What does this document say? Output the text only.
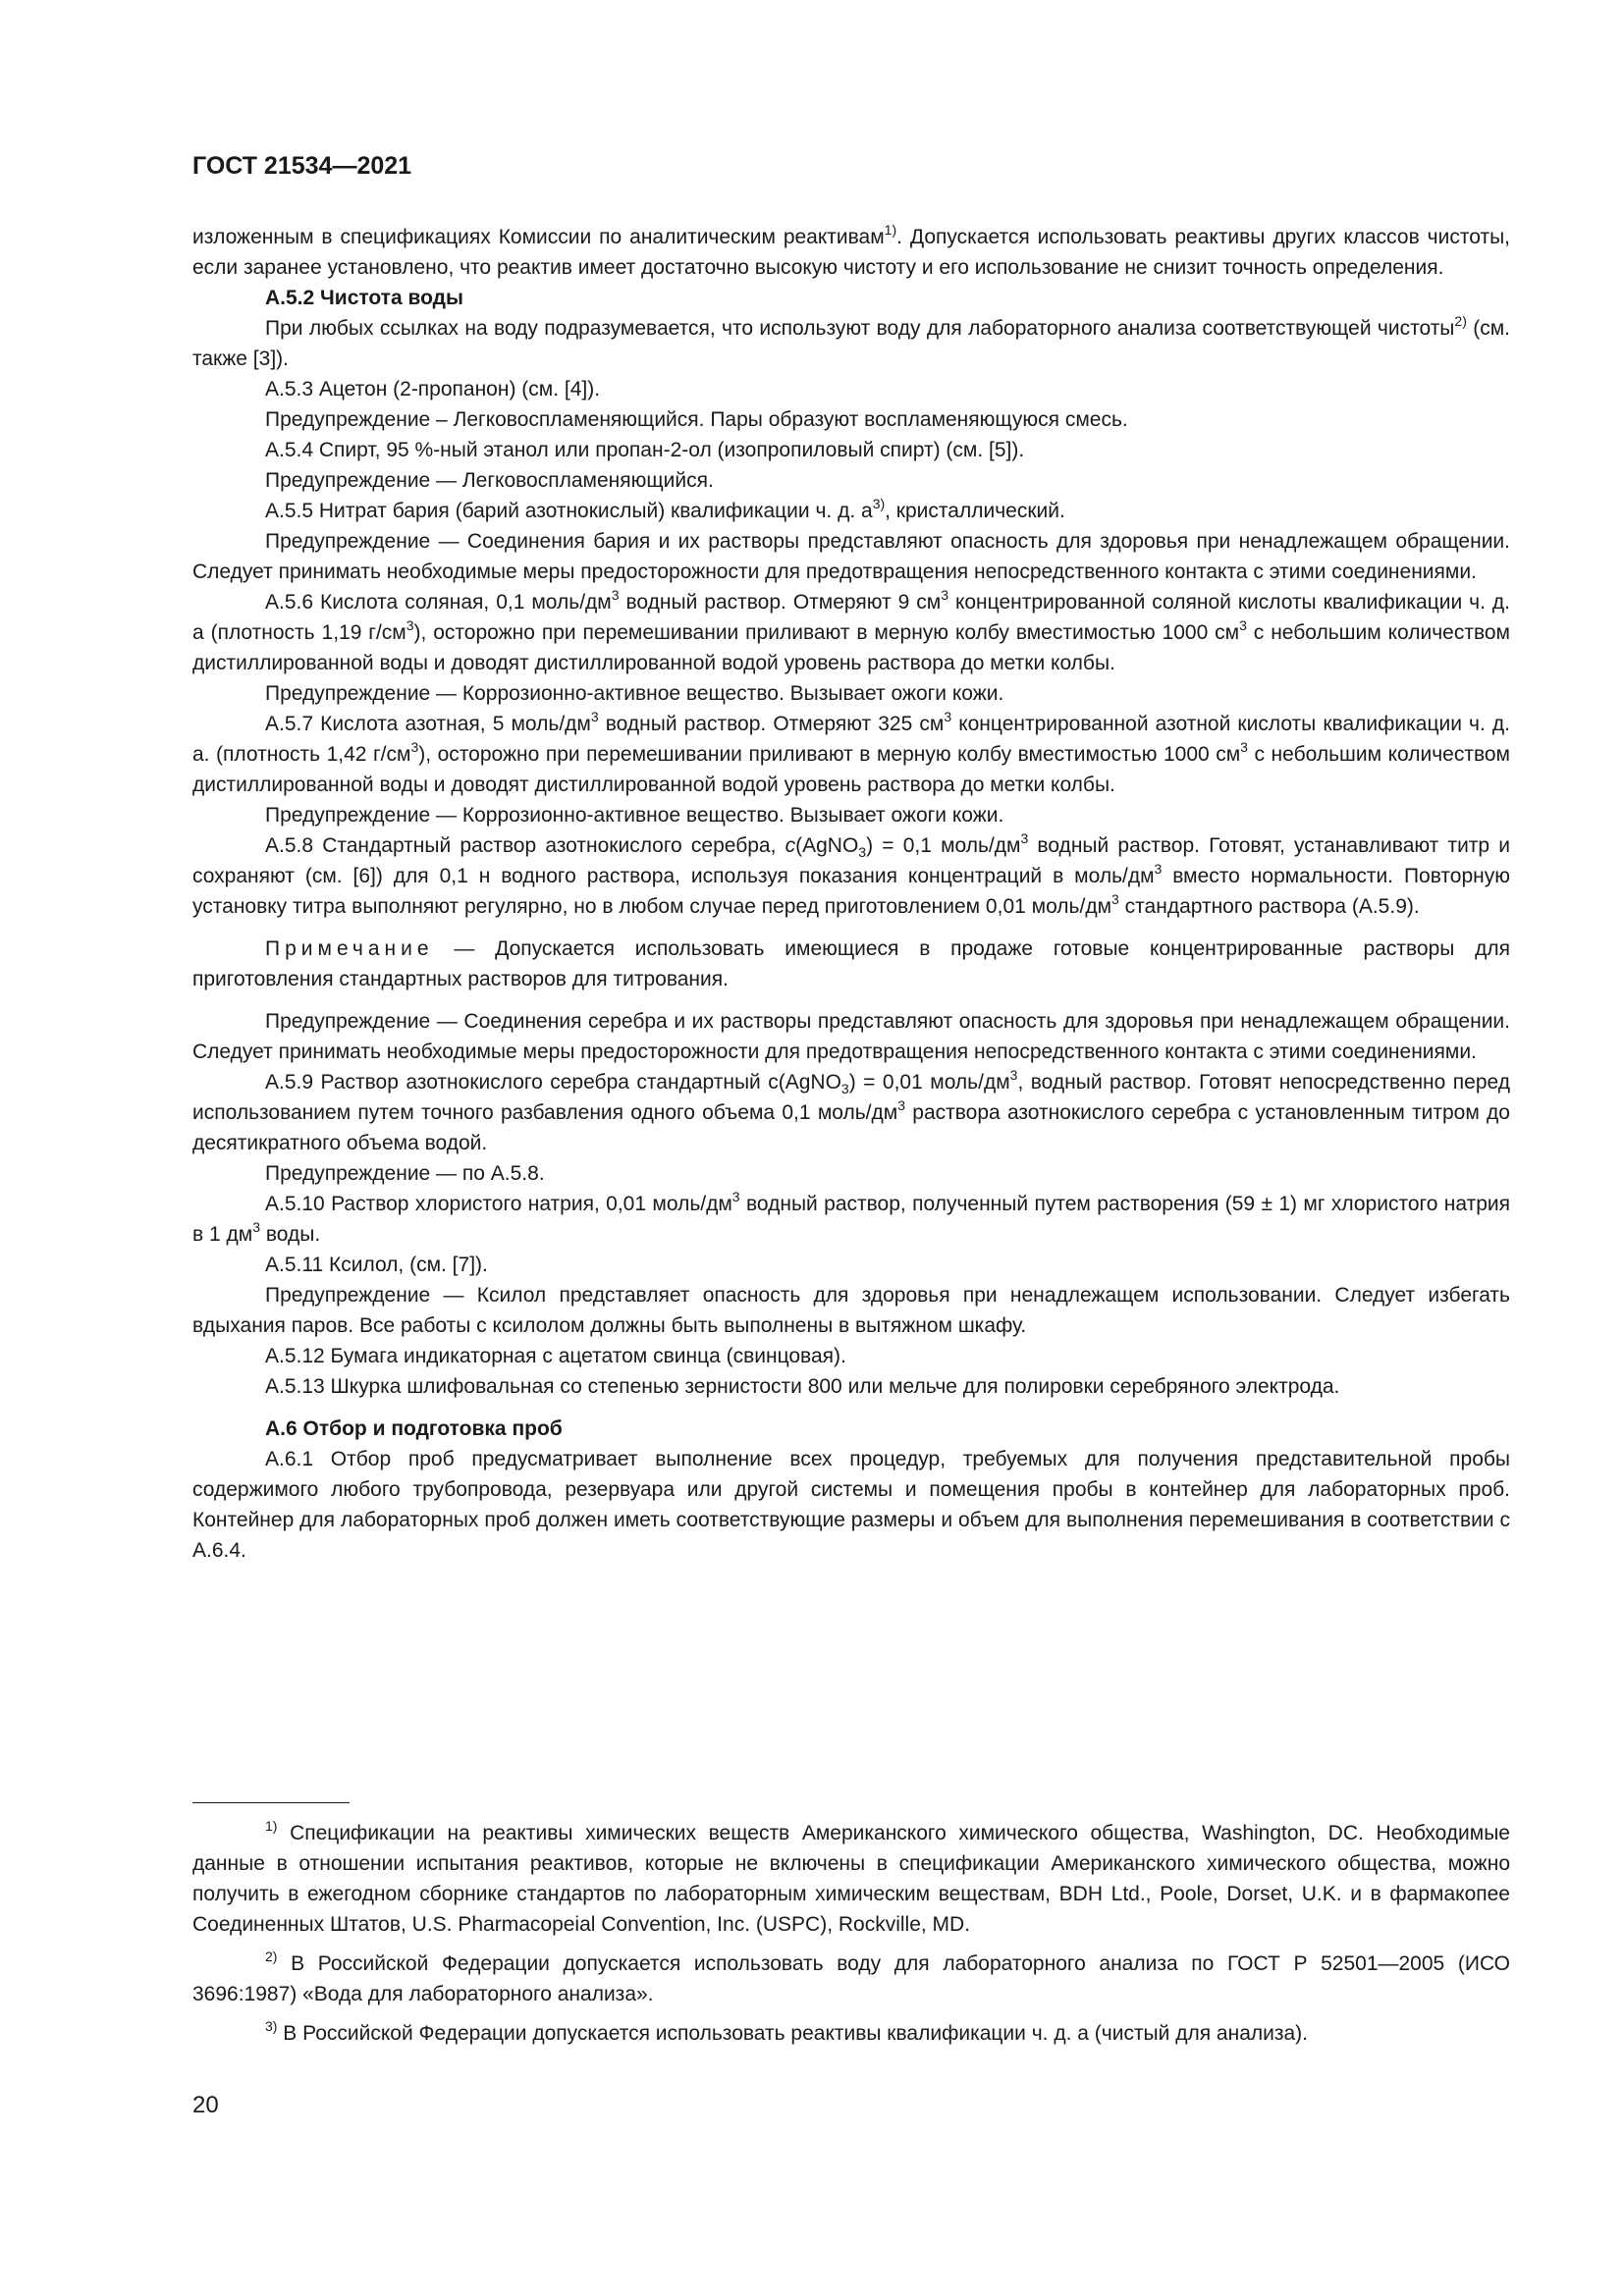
ГОСТ 21534—2021

изложенным в спецификациях Комиссии по аналитическим реактивам$^{1)}$. Допускается использовать реактивы других классов чистоты, если заранее установлено, что реактив имеет достаточно высокую чистоту и его использование не снизит точность определения.

А.5.2 Чистота воды

При любых ссылках на воду подразумевается, что используют воду для лабораторного анализа соответствующей чистоты$^{2)}$ (см. также [3]).

А.5.3 Ацетон (2-пропанон) (см. [4]).

Предупреждение – Легковоспламеняющийся. Пары образуют воспламеняющуюся смесь.

А.5.4 Спирт, 95 %-ный этанол или пропан-2-ол (изопропиловый спирт) (см. [5]).

Предупреждение — Легковоспламеняющийся.

А.5.5 Нитрат бария (барий азотнокислый) квалификации ч. д. $а^{3)}$, кристаллический.

Предупреждение — Соединения бария и их растворы представляют опасность для здоровья при ненадлежащем обращении. Следует принимать необходимые меры предосторожности для предотвращения непосредственного контакта с этими соединениями.

А.5.6 Кислота соляная, 0,1 моль/$дм^3$ водный раствор. Отмеряют 9 $см^3$ концентрированной соляной кислоты квалификации ч. д. а (плотность 1,19 $г/см^3$), осторожно при перемешивании приливают в мерную колбу вместимостью 1000 $см^3$ с небольшим количеством дистиллированной воды и доводят дистиллированной водой уровень раствора до метки колбы.

Предупреждение — Коррозионно-активное вещество. Вызывает ожоги кожи.

А.5.7 Кислота азотная, 5 моль/$дм^3$ водный раствор. Отмеряют 325 $см^3$ концентрированной азотной кислоты квалификации ч. д. а. (плотность 1,42 $г/см^3$), осторожно при перемешивании приливают в мерную колбу вместимостью 1000 $см^3$ с небольшим количеством дистиллированной воды и доводят дистиллированной водой уровень раствора до метки колбы.

Предупреждение — Коррозионно-активное вещество. Вызывает ожоги кожи.

А.5.8 Стандартный раствор азотнокислого серебра, c(AgNO$_3$) = 0,1 моль/$дм^3$ водный раствор. Готовят, устанавливают титр и сохраняют (см. [6]) для 0,1 н водного раствора, используя показания концентраций в моль/$дм^3$ вместо нормальности. Повторную установку титра выполняют регулярно, но в любом случае перед приготовлением 0,01 моль/$дм^3$ стандартного раствора (А.5.9).

Примечание — Допускается использовать имеющиеся в продаже готовые концентрированные растворы для приготовления стандартных растворов для титрования.

Предупреждение — Соединения серебра и их растворы представляют опасность для здоровья при ненадлежащем обращении. Следует принимать необходимые меры предосторожности для предотвращения непосредственного контакта с этими соединениями.

А.5.9 Раствор азотнокислого серебра стандартный c(AgNO$_3$) = 0,01 моль/$дм^3$, водный раствор. Готовят непосредственно перед использованием путем точного разбавления одного объема 0,1 моль/$дм^3$ раствора азотнокислого серебра с установленным титром до десятикратного объема водой.

Предупреждение — по А.5.8.

А.5.10 Раствор хлористого натрия, 0,01 моль/$дм^3$ водный раствор, полученный путем растворения (59 ± 1) мг хлористого натрия в 1 $дм^3$ воды.

А.5.11 Ксилол, (см. [7]).

Предупреждение — Ксилол представляет опасность для здоровья при ненадлежащем использовании. Следует избегать вдыхания паров. Все работы с ксилолом должны быть выполнены в вытяжном шкафу.

А.5.12 Бумага индикаторная с ацетатом свинца (свинцовая).

А.5.13 Шкурка шлифовальная со степенью зернистости 800 или мельче для полировки серебряного электрода.

А.6 Отбор и подготовка проб

А.6.1 Отбор проб предусматривает выполнение всех процедур, требуемых для получения представительной пробы содержимого любого трубопровода, резервуара или другой системы и помещения пробы в контейнер для лабораторных проб. Контейнер для лабораторных проб должен иметь соответствующие размеры и объем для выполнения перемешивания в соответствии с А.6.4.

$^{1)}$ Спецификации на реактивы химических веществ Американского химического общества, Washington, DC. Необходимые данные в отношении испытания реактивов, которые не включены в спецификации Американского химического общества, можно получить в ежегодном сборнике стандартов по лабораторным химическим веществам, BDH Ltd., Poole, Dorset, U.K. и в фармакопее Соединенных Штатов, U.S. Pharmacopeial Convention, Inc. (USPC), Rockville, MD.

$^{2)}$ В Российской Федерации допускается использовать воду для лабораторного анализа по ГОСТ Р 52501—2005 (ИСО 3696:1987) «Вода для лабораторного анализа».

$^{3)}$ В Российской Федерации допускается использовать реактивы квалификации ч. д. а (чистый для анализа).

20
